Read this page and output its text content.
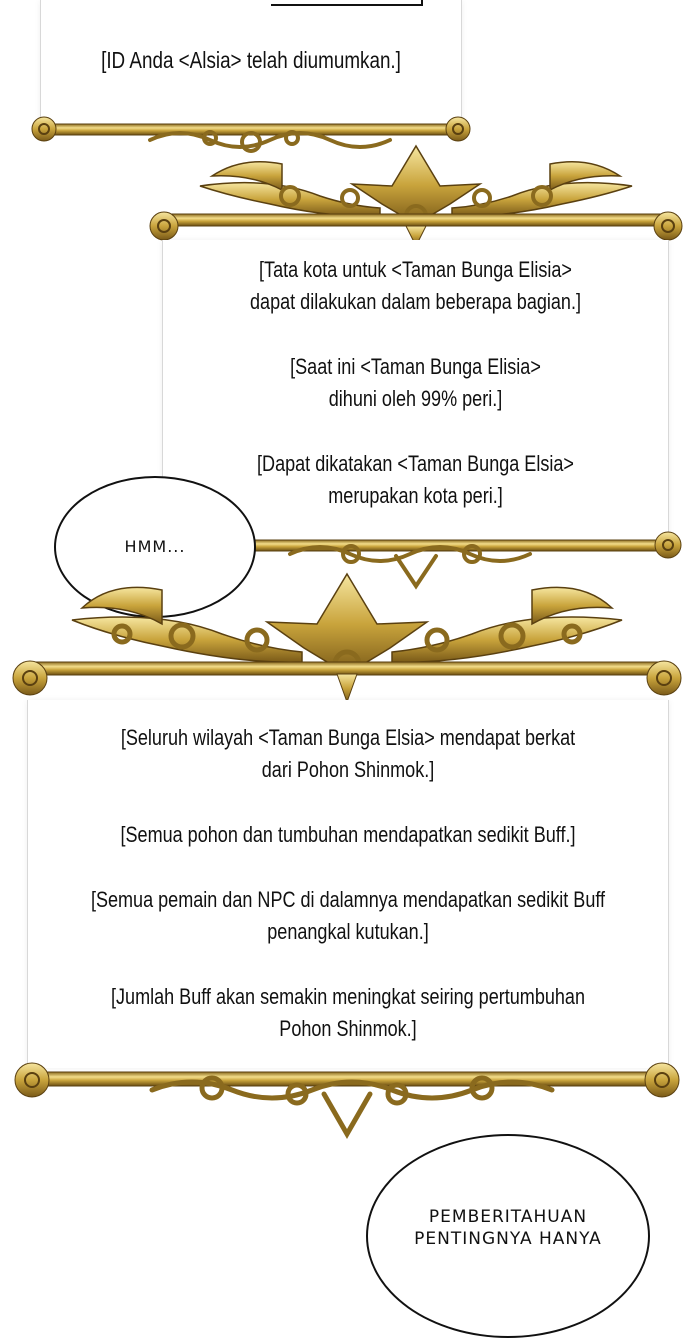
[ID Anda <Alsia> telah diumumkan.]

[Tata kota untuk <Taman Bunga Elisia>
dapat dilakukan dalam beberapa bagian.]

[Saat ini <Taman Bunga Elisia>
dihuni oleh 99% peri.]

[Dapat dikatakan <Taman Bunga Elsia>
merupakan kota peri.]

HMM...

[Seluruh wilayah <Taman Bunga Elsia> mendapat berkat
dari Pohon Shinmok.]

[Semua pohon dan tumbuhan mendapatkan sedikit Buff.]

[Semua pemain dan NPC di dalamnya mendapatkan sedikit Buff
penangkal kutukan.]

[Jumlah Buff akan semakin meningkat seiring pertumbuhan
Pohon Shinmok.]

PEMBERITAHUAN
PENTINGNYA HANYA
